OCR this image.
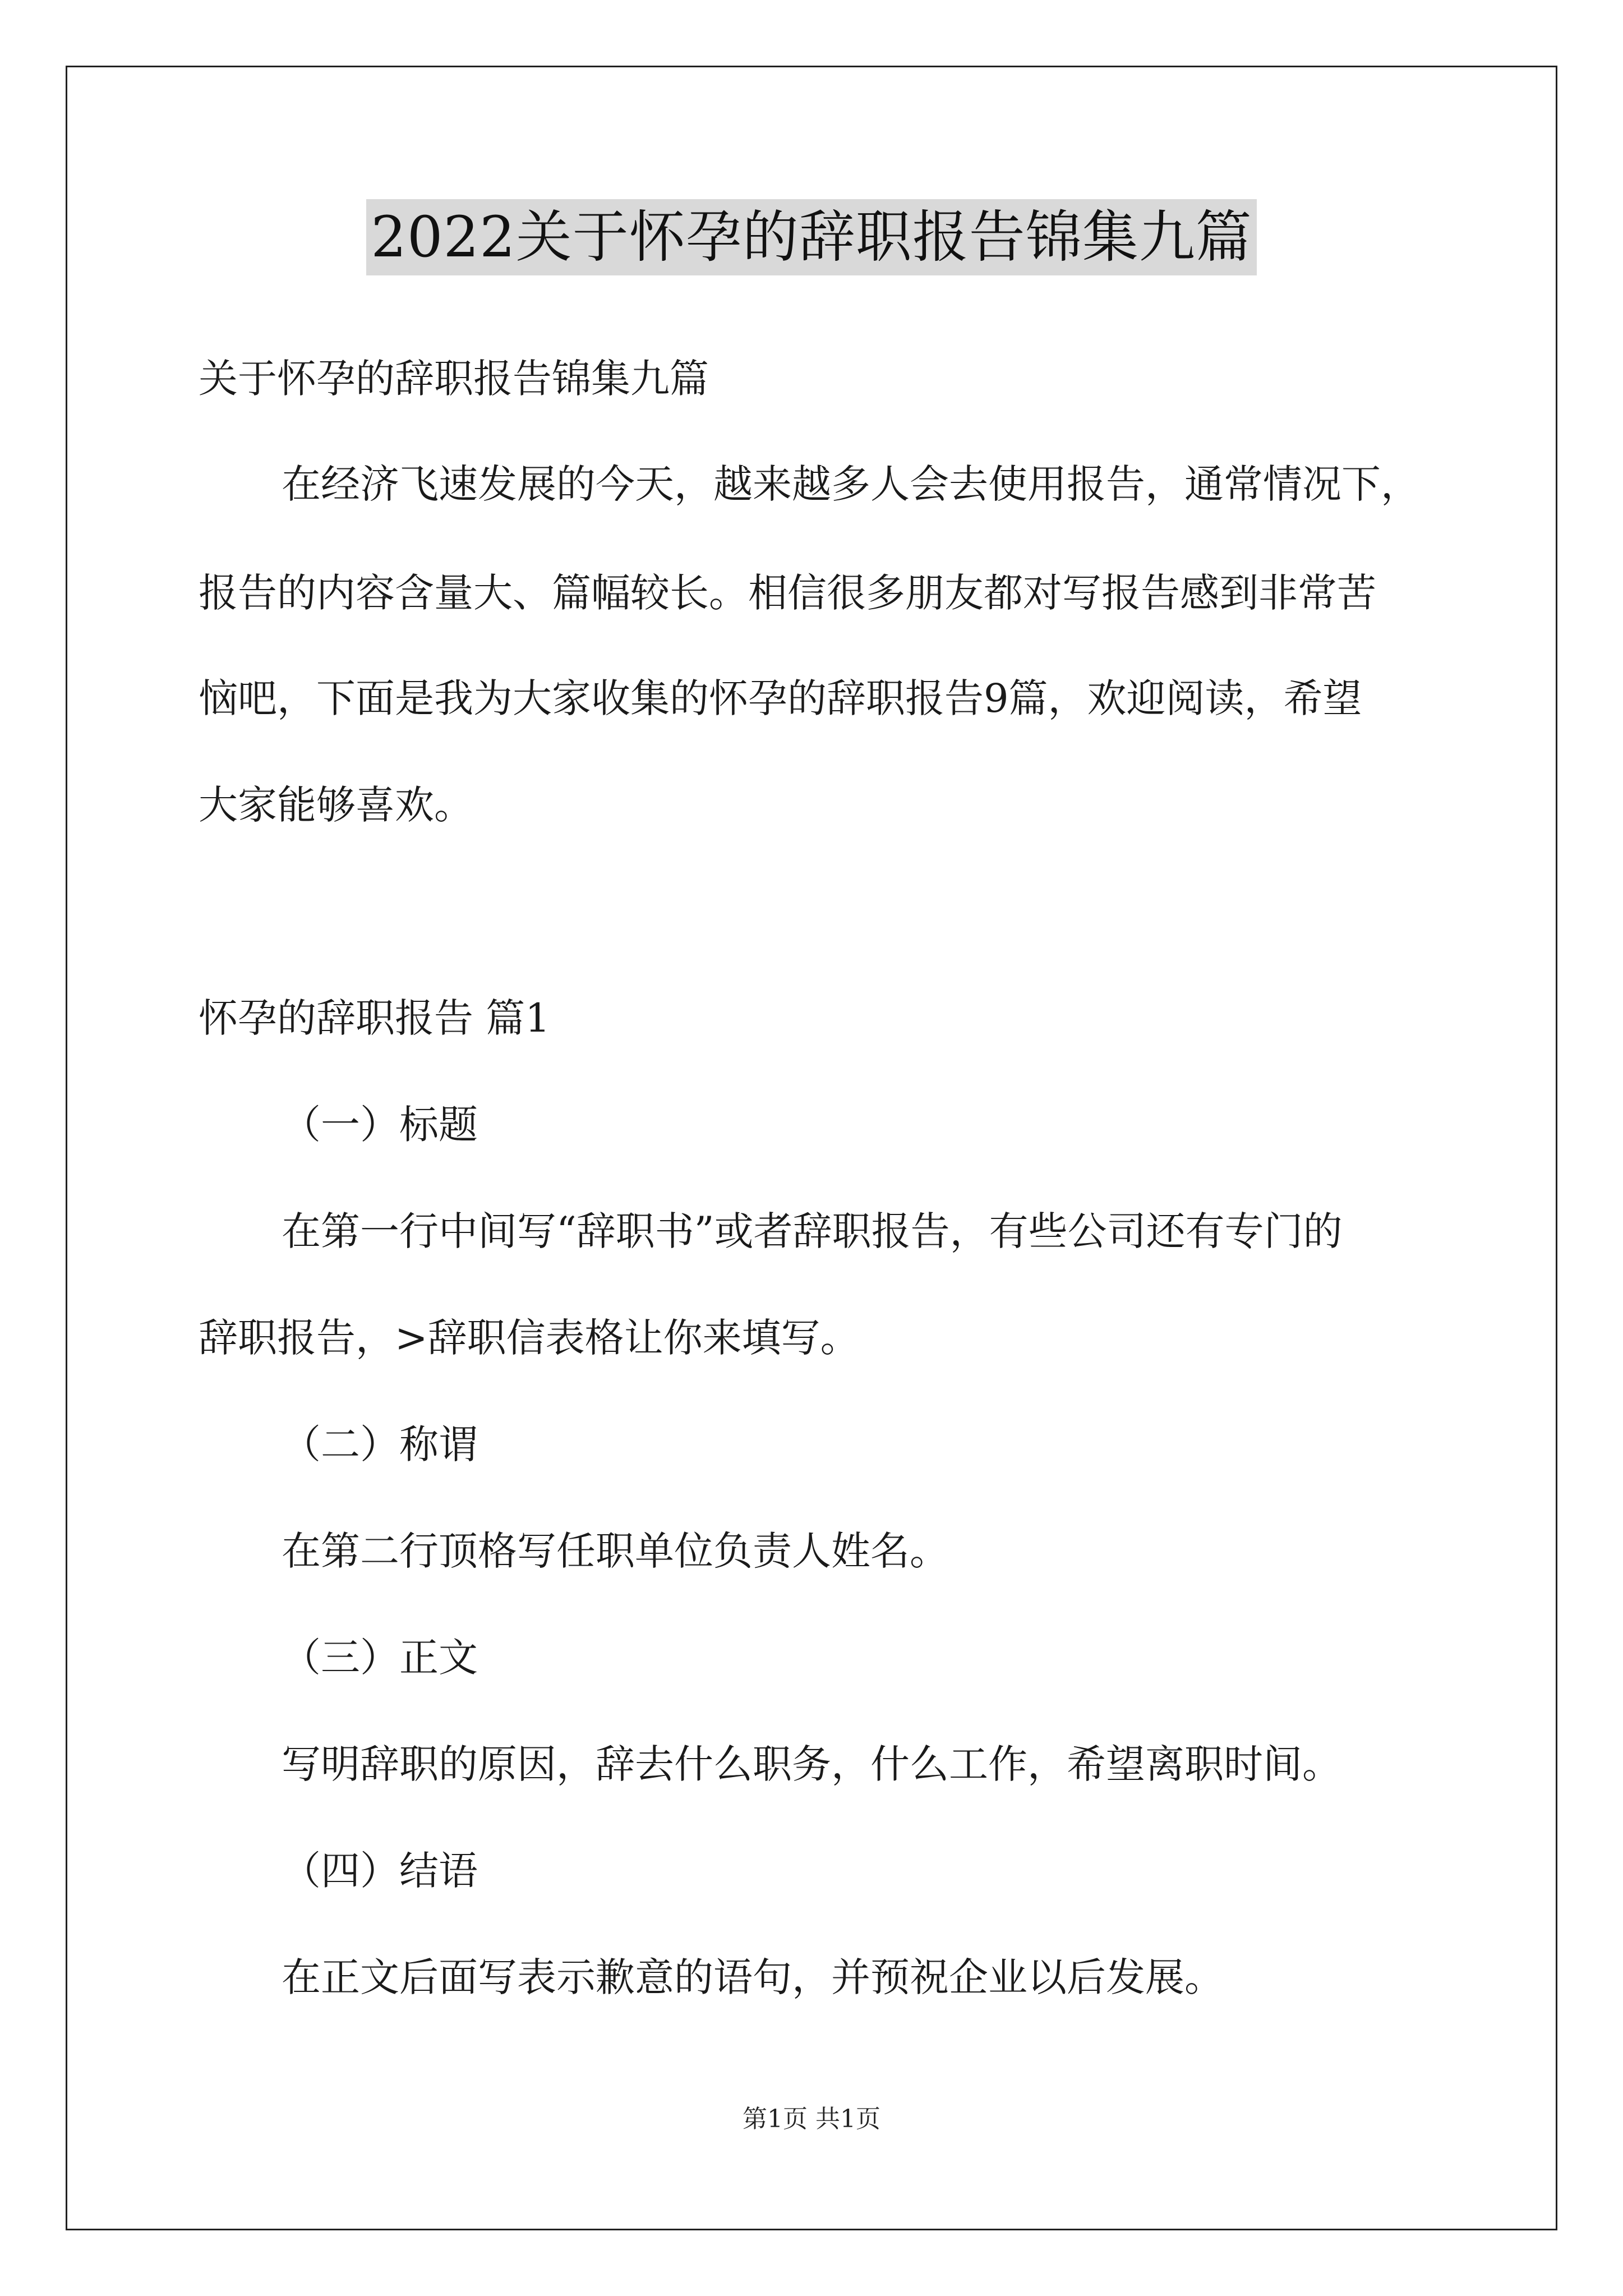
2022关于怀孕的辞职报告锦集九篇
关于怀孕的辞职报告锦集九篇
在经济飞速发展的今天，越来越多人会去使用报告，通常情况下，
报告的内容含量大、篇幅较长。相信很多朋友都对写报告感到非常苦
恼吧，下面是我为大家收集的怀孕的辞职报告9篇，欢迎阅读，希望
大家能够喜欢。
怀孕的辞职报告 篇1
（一）标题
在第一行中间写“辞职书”或者辞职报告，有些公司还有专门的
辞职报告，>辞职信表格让你来填写。
（二）称谓
在第二行顶格写任职单位负责人姓名。
（三）正文
写明辞职的原因，辞去什么职务，什么工作，希望离职时间。
（四）结语
在正文后面写表示歉意的语句，并预祝企业以后发展。
第1页 共1页
